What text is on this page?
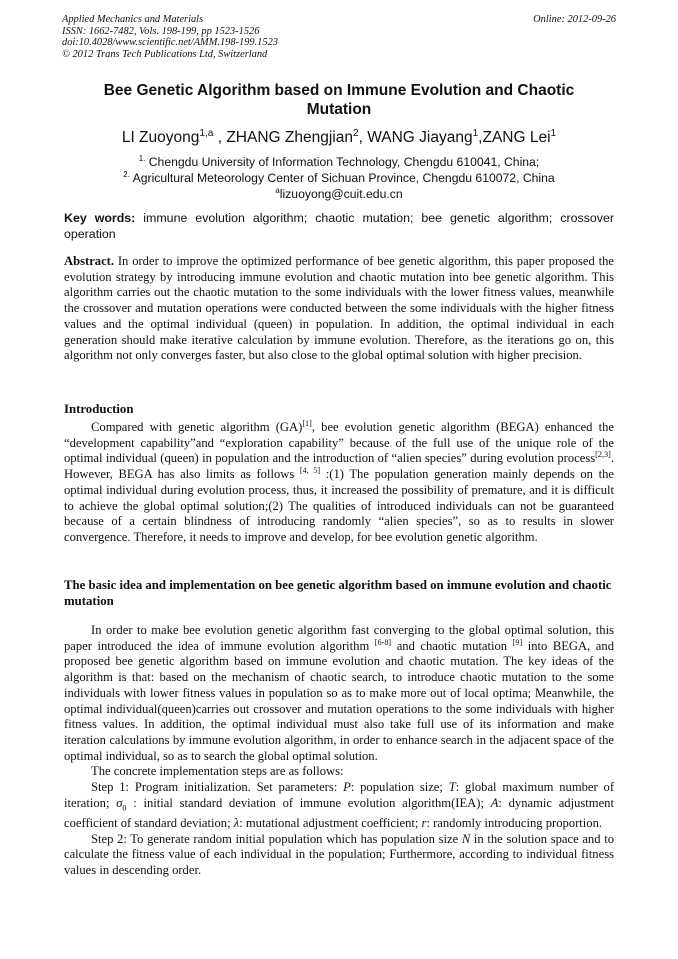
Applied Mechanics and Materials
ISSN: 1662-7482, Vols. 198-199, pp 1523-1526
doi:10.4028/www.scientific.net/AMM.198-199.1523
© 2012 Trans Tech Publications Ltd, Switzerland
Online: 2012-09-26
Bee Genetic Algorithm based on Immune Evolution and Chaotic Mutation
LI Zuoyong$^{1,a}$ , ZHANG Zhengjian$^2$, WANG Jiayang$^1$,ZANG Lei$^1$
$^{1.}$ Chengdu University of Information Technology, Chengdu 610041, China;
$^{2.}$ Agricultural Meteorology Center of Sichuan Province, Chengdu 610072, China
$^a$lizuoyong@cuit.edu.cn
Key words: immune evolution algorithm; chaotic mutation; bee genetic algorithm; crossover operation
Abstract. In order to improve the optimized performance of bee genetic algorithm, this paper proposed the evolution strategy by introducing immune evolution and chaotic mutation into bee genetic algorithm. This algorithm carries out the chaotic mutation to the some individuals with the lower fitness values, meanwhile the crossover and mutation operations were conducted between the some individuals with the higher fitness values and the optimal individual (queen) in population. In addition, the optimal individual in each generation should make iterative calculation by immune evolution. Therefore, as the iterations go on, this algorithm not only converges faster, but also close to the global optimal solution with higher precision.
Introduction

Compared with genetic algorithm (GA)[1], bee evolution genetic algorithm (BEGA) enhanced the “development capability”and “exploration capability” because of the full use of the unique role of the optimal individual (queen) in population and the introduction of “alien species” during evolution process[2,3]. However, BEGA has also limits as follows [4, 5] :(1) The population generation mainly depends on the optimal individual during evolution process, thus, it increased the possibility of premature, and it is difficult to achieve the global optimal solution;(2) The qualities of introduced individuals can not be guaranteed because of a certain blindness of introducing randomly “alien species”, so as to results in slower convergence. Therefore, it needs to improve and develop, for bee evolution genetic algorithm.

The basic idea and implementation on bee genetic algorithm based on immune evolution and chaotic mutation

In order to make bee evolution genetic algorithm fast converging to the global optimal solution, this paper introduced the idea of immune evolution algorithm [6-8] and chaotic mutation [9] into BEGA, and proposed bee genetic algorithm based on immune evolution and chaotic mutation. The key ideas of the algorithm is that: based on the mechanism of chaotic search, to introduce chaotic mutation to the some individuals with lower fitness values in population so as to make more out of local optima; Meanwhile, the optimal individual(queen)carries out crossover and mutation operations to the some individuals with higher fitness values. In addition, the optimal individual must also take full use of its information and make iteration calculations by immune evolution algorithm, in order to enhance search in the adjacent space of the optimal individual, so as to search the global optimal solution.

The concrete implementation steps are as follows:

Step 1: Program initialization. Set parameters: P: population size; T: global maximum number of iteration; $\sigma_0$ : initial standard deviation of immune evolution algorithm(IEA); A: dynamic adjustment coefficient of standard deviation; λ: mutational adjustment coefficient; r: randomly introducing proportion.

Step 2: To generate random initial population which has population size N in the solution space and to calculate the fitness value of each individual in the population; Furthermore, according to individual fitness values in descending order.
